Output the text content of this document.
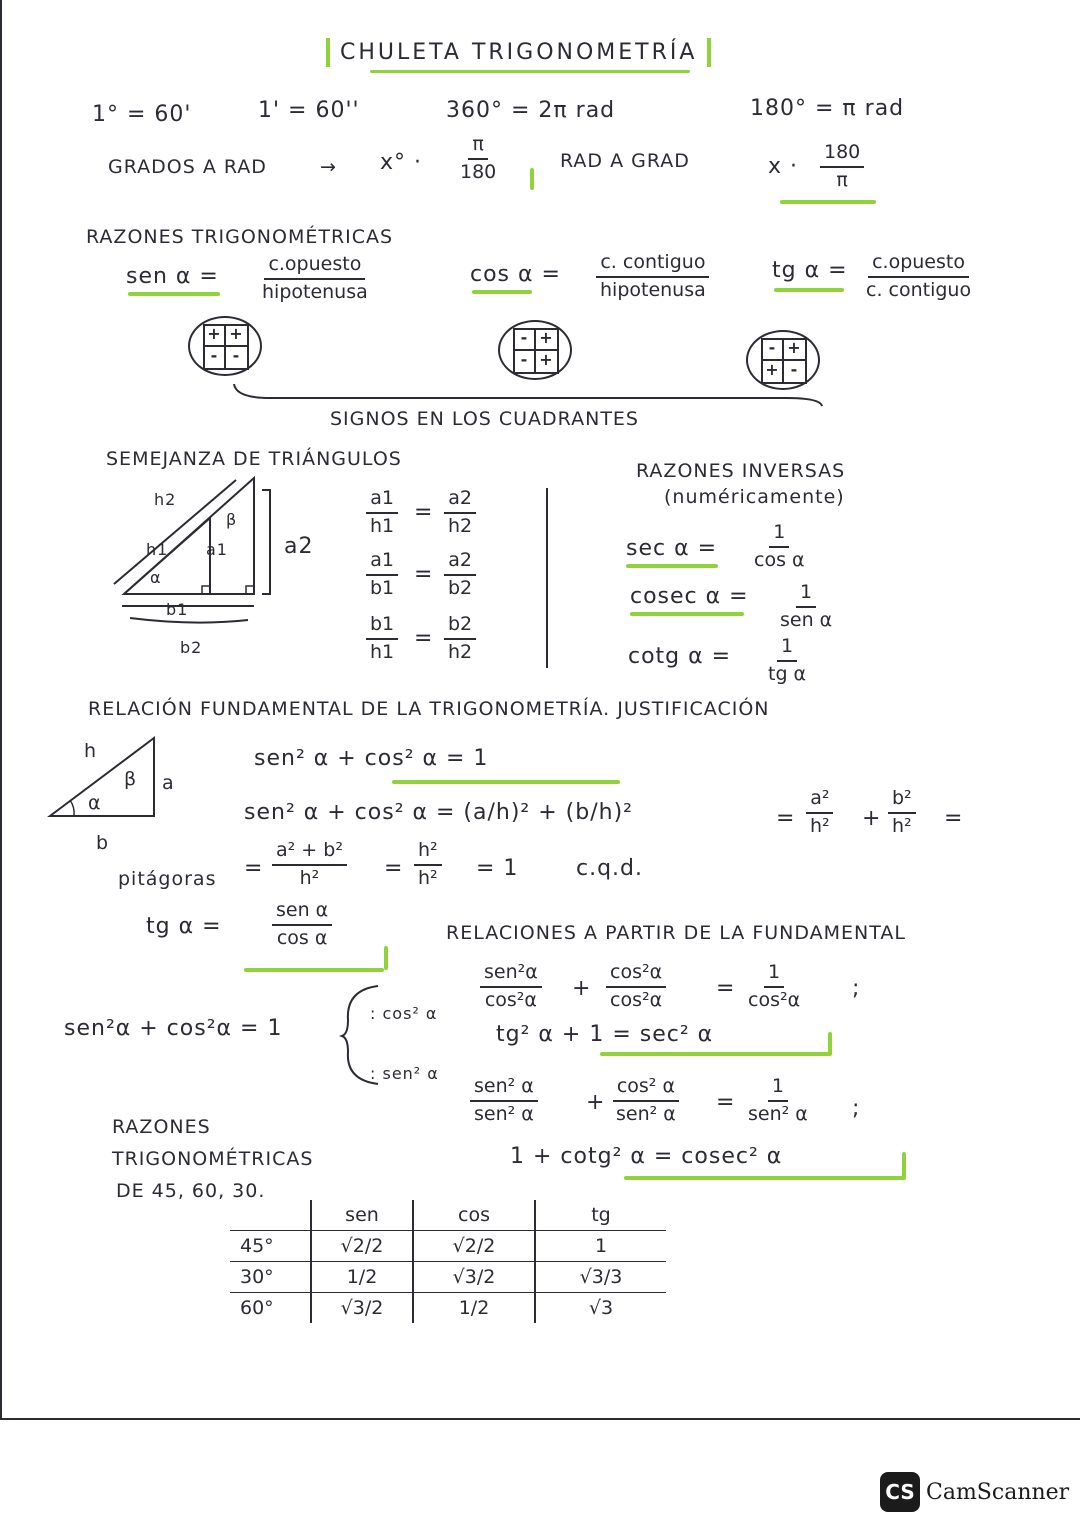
CHULETA TRIGONOMETRÍA
1° = 60'	1' = 60''	360° = 2π rad	180° = π rad
GRADOS A RAD	→ $x^\circ \cdot \frac{\pi}{180}$	RAD A GRAD	$x \cdot \frac{180}{\pi}$
RAZONES TRIGONOMÉTRICAS
sen α =	c.opuesto
hipotenusa
cos α = c. contiguo
hipotenusa
tg α = c.opuesto
c. contiguo
+ +
- -
- +
- +
- +
+ -
SIGNOS EN LOS CUADRANTES
SEMEJANZA DE TRIÁNGULOS
h2
h1 a1
α
β
a2
b1
b2
$\frac{a1}{h1} = \frac{a2}{h2}$
$\frac{a1}{b1} = \frac{a2}{b2}$
$\frac{b1}{h1} = \frac{b2}{h2}$
RAZONES INVERSAS
(numéricamente)
$\sec \alpha = \frac{1}{\text{cos α}}$
cosec α =	1
sen α
cotg $\alpha = \frac{1}{\text{tg α}}$
RELACIÓN FUNDAMENTAL DE LA TRIGONOMETRÍA. JUSTIFICACIÓN
h
α
β a
b
sen² α + cos² α = 1
sen² α + cos² α = (a/h)² + (b/h)²	= $\frac{\text{a²}}{\text{h²}} + \frac{\text{b²}}{\text{h²}}$ =
pitágoras = $\frac{\text{a² + b²}}{\text{h²}} = \frac{\text{h²}}{\text{h²}} = 1$	c.q.d.
tg α =
sen α
cos α	RELACIONES A PARTIR DE LA FUNDAMENTAL
sen²α + cos²α = 1
: cos² α
: sen² α
sen²α
$\cos^2\alpha + \frac{\text{cos²α}}{\text{cos²α}} = \frac{1}{\text{cos²α}}$ ;
tg² α + 1 = sec² α
sen² α
sen² α +
cos² α
sen² α =
1
sen² α ;
1 + cotg² α = cosec² α
RAZONES
TRIGONOMÉTRICAS
DE 45, 60, 30.
	sen	cos	tg
45°	√2/2	√2/2	1
30°	1/2	√3/2	√3/3
60°	√3/2	1/2	√3
CS CamScanner
